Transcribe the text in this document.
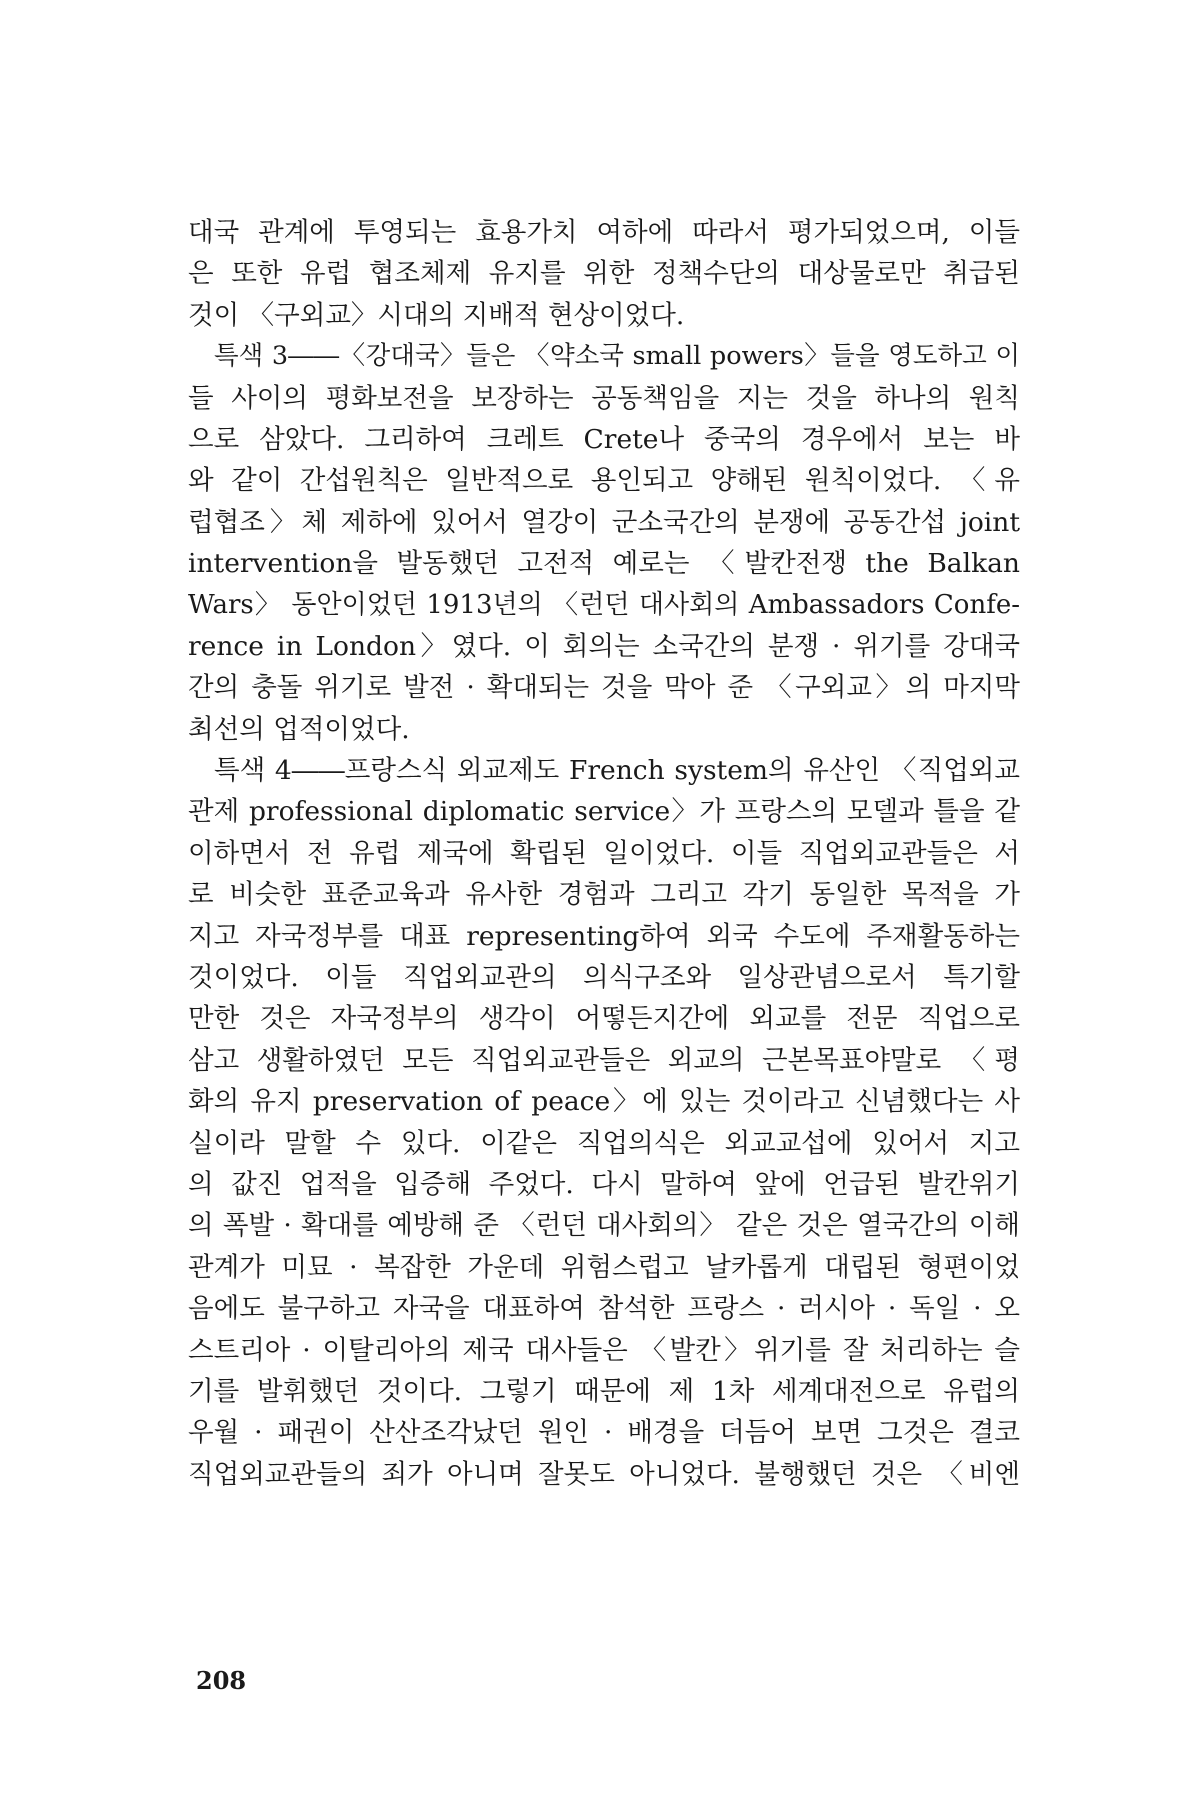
대국 관계에 투영되는 효용가치 여하에 따라서 평가되었으며, 이들
은 또한 유럽 협조체제 유지를 위한 정책수단의 대상물로만 취급된
것이 〈구외교〉시대의 지배적 현상이었다.
특색 3――〈강대국〉들은 〈약소국 small powers〉들을 영도하고 이
들 사이의 평화보전을 보장하는 공동책임을 지는 것을 하나의 원칙
으로 삼았다. 그리하여 크레트 Crete나 중국의 경우에서 보는 바
와 같이 간섭원칙은 일반적으로 용인되고 양해된 원칙이었다. 〈유
럽협조〉체 제하에 있어서 열강이 군소국간의 분쟁에 공동간섭 joint
intervention을 발동했던 고전적 예로는 〈발칸전쟁 the Balkan
Wars〉 동안이었던 1913년의 〈런던 대사회의 Ambassadors Confe-
rence in London〉였다. 이 회의는 소국간의 분쟁 · 위기를 강대국
간의 충돌 위기로 발전 · 확대되는 것을 막아 준 〈구외교〉의 마지막
최선의 업적이었다.
특색 4――프랑스식 외교제도 French system의 유산인 〈직업외교
관제 professional diplomatic service〉가 프랑스의 모델과 틀을 같
이하면서 전 유럽 제국에 확립된 일이었다. 이들 직업외교관들은 서
로 비슷한 표준교육과 유사한 경험과 그리고 각기 동일한 목적을 가
지고 자국정부를 대표 representing하여 외국 수도에 주재활동하는
것이었다. 이들 직업외교관의 의식구조와 일상관념으로서 특기할
만한 것은 자국정부의 생각이 어떻든지간에 외교를 전문 직업으로
삼고 생활하였던 모든 직업외교관들은 외교의 근본목표야말로 〈평
화의 유지 preservation of peace〉에 있는 것이라고 신념했다는 사
실이라 말할 수 있다. 이같은 직업의식은 외교교섭에 있어서 지고
의 값진 업적을 입증해 주었다. 다시 말하여 앞에 언급된 발칸위기
의 폭발 · 확대를 예방해 준 〈런던 대사회의〉 같은 것은 열국간의 이해
관계가 미묘 · 복잡한 가운데 위험스럽고 날카롭게 대립된 형편이었
음에도 불구하고 자국을 대표하여 참석한 프랑스 · 러시아 · 독일 · 오
스트리아 · 이탈리아의 제국 대사들은 〈발칸〉위기를 잘 처리하는 슬
기를 발휘했던 것이다. 그렇기 때문에 제 1차 세계대전으로 유럽의
우월 · 패권이 산산조각났던 원인 · 배경을 더듬어 보면 그것은 결코
직업외교관들의 죄가 아니며 잘못도 아니었다. 불행했던 것은 〈비엔
208
